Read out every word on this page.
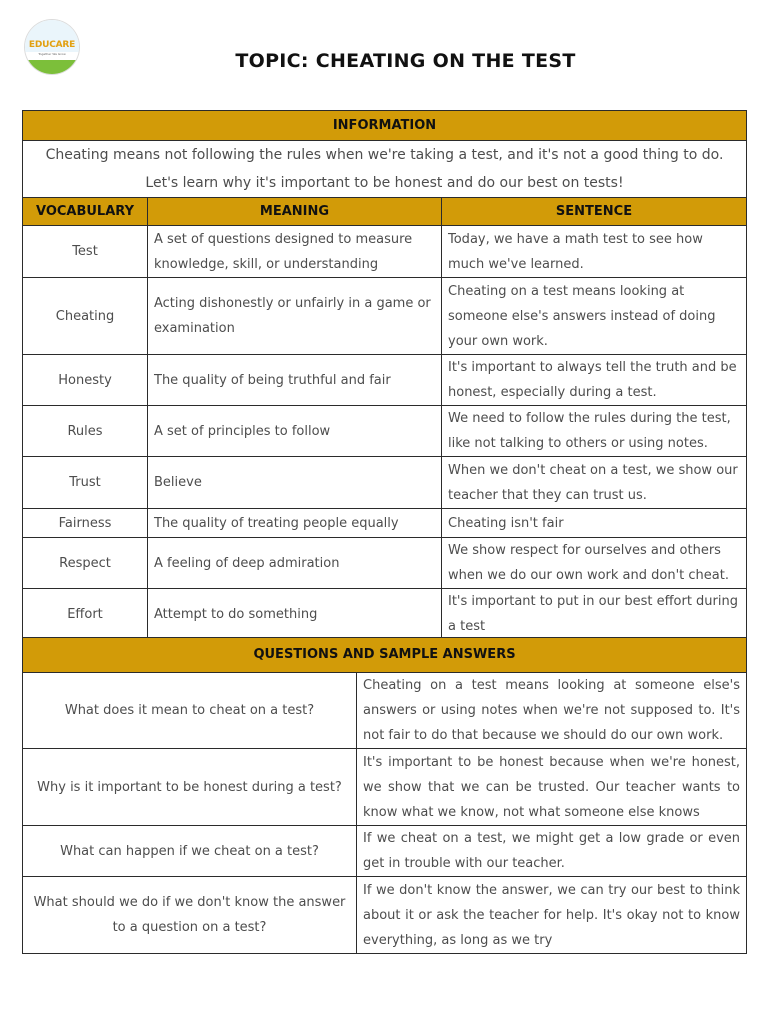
EDUCARE
Together We Grow	TOPIC: CHEATING ON THE TEST
INFORMATION		
Cheating means not following the rules when we're taking a test, and it's not a good thing to do. Let's learn why it's important to be honest and do our best on tests!		
VOCABULARY	MEANING	SENTENCE
Test	A set of questions designed to measure knowledge, skill, or understanding	Today, we have a math test to see how much we've learned.
Cheating	Acting dishonestly or unfairly in a game or examination	Cheating on a test means looking at someone else's answers instead of doing your own work.
Honesty	The quality of being truthful and fair	It's important to always tell the truth and be honest, especially during a test.
Rules	A set of principles to follow	We need to follow the rules during the test, like not talking to others or using notes.
Trust	Believe	When we don't cheat on a test, we show our teacher that they can trust us.
Fairness	The quality of treating people equally	Cheating isn't fair
Respect	A feeling of deep admiration	We show respect for ourselves and others when we do our own work and don't cheat.
Effort	Attempt to do something	It's important to put in our best effort during a test
QUESTIONS AND SAMPLE ANSWERS	
What does it mean to cheat on a test?	Cheating on a test means looking at someone else's answers or using notes when we're not supposed to. It's not fair to do that because we should do our own work.
Why is it important to be honest during a test?	It's important to be honest because when we're honest, we show that we can be trusted. Our teacher wants to know what we know, not what someone else knows
What can happen if we cheat on a test?	If we cheat on a test, we might get a low grade or even get in trouble with our teacher.
What should we do if we don't know the answer to a question on a test?	If we don't know the answer, we can try our best to think about it or ask the teacher for help. It's okay not to know everything, as long as we try
